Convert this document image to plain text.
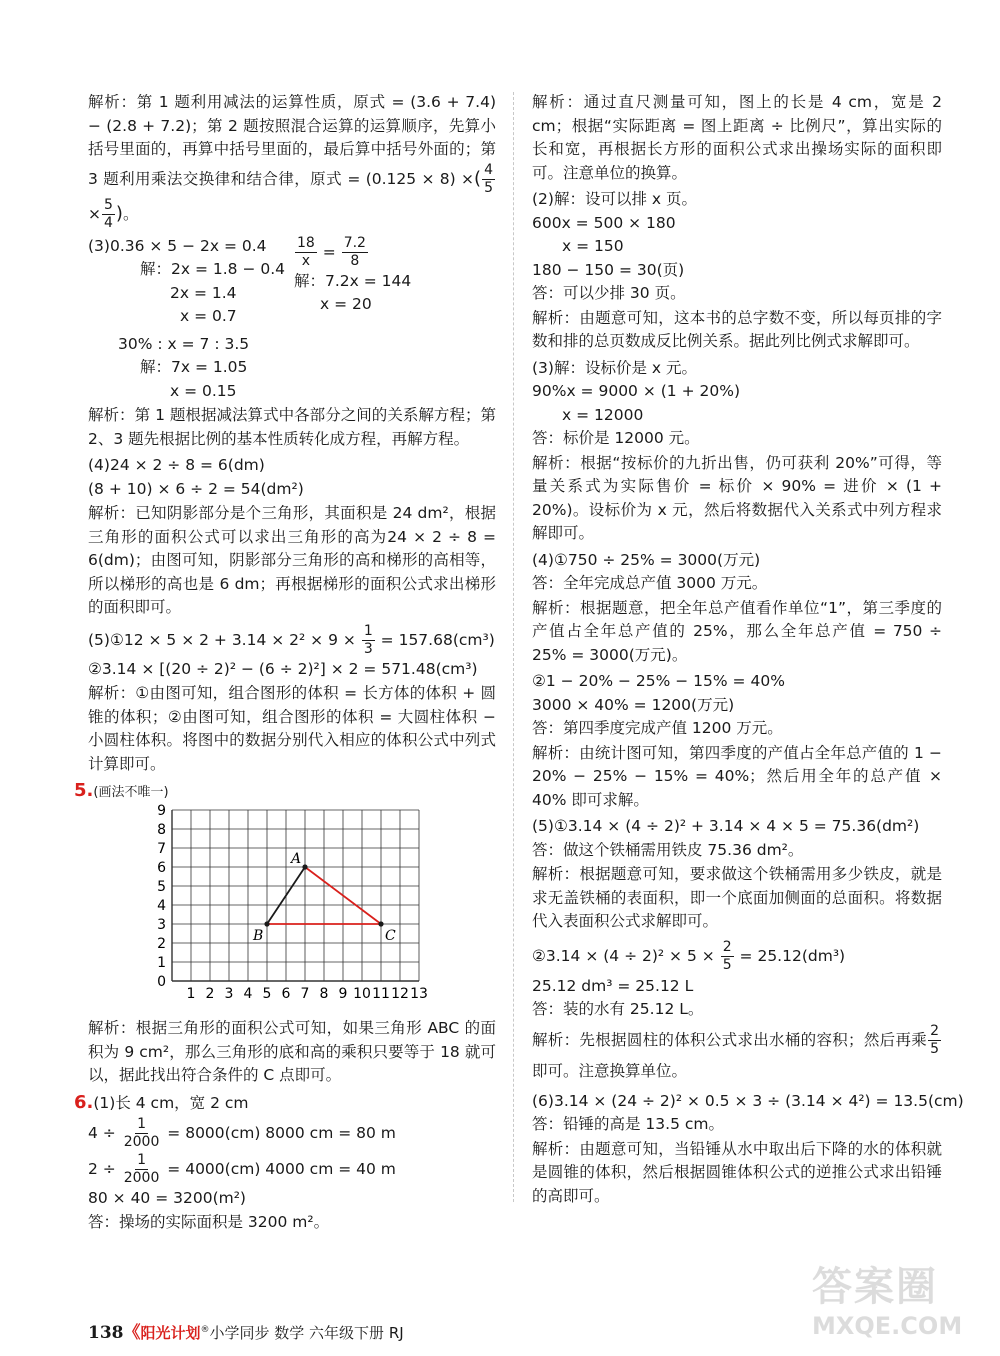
解析：第 1 题利用减法的运算性质，原式 = (3.6 + 7.4) − (2.8 + 7.2)；第 2 题按照混合运算的运算顺序，先算小括号里面的，再算中括号里面的，最后算中括号外面的；第 3 题利用乘法交换律和结合律，原式 = (0.125 × 8) ×( $\frac{4}{5}$
× $\frac{5}{4}$ )。

(3)0.36 × 5 − 2x = 0.4

解：2x = 1.8 − 0.4

2x = 1.4

x = 0.7

$\frac{18}{x} = \frac{7.2}{8}$

解：7.2x = 144

x = 20

30% : x = 7 : 3.5

解：7x = 1.05

x = 0.15

解析：第 1 题根据减法算式中各部分之间的关系解方程；第 2、3 题先根据比例的基本性质转化成方程，再解方程。

(4)24 × 2 ÷ 8 = 6(dm)

(8 + 10) × 6 ÷ 2 = 54(dm²)

解析：已知阴影部分是个三角形，其面积是 24 dm²，根据三角形的面积公式可以求出三角形的高为24 × 2 ÷ 8 = 6(dm)；由图可知，阴影部分三角形的高和梯形的高相等，所以梯形的高也是 6 dm；再根据梯形的面积公式求出梯形的面积即可。

(5)①12 × $5 \times 2 + 3.14 \times 2^2 \times 9 \times \frac{1}{3} = 157.68(cm^3)$

②3.14 × [(20 ÷ 2)² − (6 ÷ 2)²] × 2 = 571.48(cm³)

解析：①由图可知，组合图形的体积 = 长方体的体积 + 圆锥的体积；②由图可知，组合图形的体积 = 大圆柱体积 − 小圆柱体积。将图中的数据分别代入相应的体积公式中列式计算即可。

5.(画法不唯一)

0
1
2
3
4
5
6
7
8
9
1 2 3 4 5 6 7 8 9 10 11 12 13
A
B	C

解析：根据三角形的面积公式可知，如果三角形 ABC 的面积为 9 cm²，那么三角形的底和高的乘积只要等于 18 就可以，据此找出符合条件的 C 点即可。

6.(1)长 4 cm，宽 2 cm

$4 \div \frac{1}{2000} = 8000(cm)$ 8000 cm = 80 m

$2 \div \frac{1}{2000} = 4000(cm)$ 4000 cm = 40 m

80 × 40 = 3200(m²)

答：操场的实际面积是 3200 m²。

解析：通过直尺测量可知，图上的长是 4 cm，宽是 2 cm；根据“实际距离 = 图上距离 ÷ 比例尺”，算出实际的长和宽，再根据长方形的面积公式求出操场实际的面积即可。注意单位的换算。

(2)解：设可以排 x 页。

600x = 500 × 180

x = 150

180 − 150 = 30(页)

答：可以少排 30 页。

解析：由题意可知，这本书的总字数不变，所以每页排的字数和排的总页数成反比例关系。据此列比例式求解即可。

(3)解：设标价是 x 元。

90%x = 9000 × (1 + 20%)

x = 12000

答：标价是 12000 元。

解析：根据“按标价的九折出售，仍可获利 20%”可得，等量关系式为实际售价 = 标价 × 90% = 进价 × (1 + 20%)。设标价为 x 元，然后将数据代入关系式中列方程求解即可。

(4)①750 ÷ 25% = 3000(万元)

答：全年完成总产值 3000 万元。

解析：根据题意，把全年总产值看作单位“1”，第三季度的产值占全年总产值的 25%，那么全年总产值 = 750 ÷ 25% = 3000(万元)。

②1 − 20% − 25% − 15% = 40%

3000 × 40% = 1200(万元)

答：第四季度完成产值 1200 万元。

解析：由统计图可知，第四季度的产值占全年总产值的 1 − 20% − 25% − 15% = 40%；然后用全年的总产值 × 40% 即可求解。

(5)①3.14 × (4 ÷ 2)² + 3.14 × 4 × 5 = 75.36(dm²)

答：做这个铁桶需用铁皮 75.36 dm²。

解析：根据题意可知，要求做这个铁桶需用多少铁皮，就是求无盖铁桶的表面积，即一个底面加侧面的总面积。将数据代入表面积公式求解即可。

②3.14 × $(4 \div 2)^2 \times 5 \times \frac{2}{5} = 25.12(dm^3)$

25.12 dm³ = 25.12 L

答：装的水有 25.12 L。

解析：先根据圆柱的体积公式求出水桶的容积；然后再乘 $\frac{2}{5}$
即可。注意换算单位。

(6)3.14 × (24 ÷ 2)² × 0.5 × 3 ÷ (3.14 × 4²) = 13.5(cm)

答：铅锤的高是 13.5 cm。

解析：由题意可知，当铅锤从水中取出后下降的水的体积就是圆锥的体积，然后根据圆锥体积公式的逆推公式求出铅锤的高即可。

138《阳光计划®小学同步 数学 六年级下册 RJ
答案圈
MXQE.COM
